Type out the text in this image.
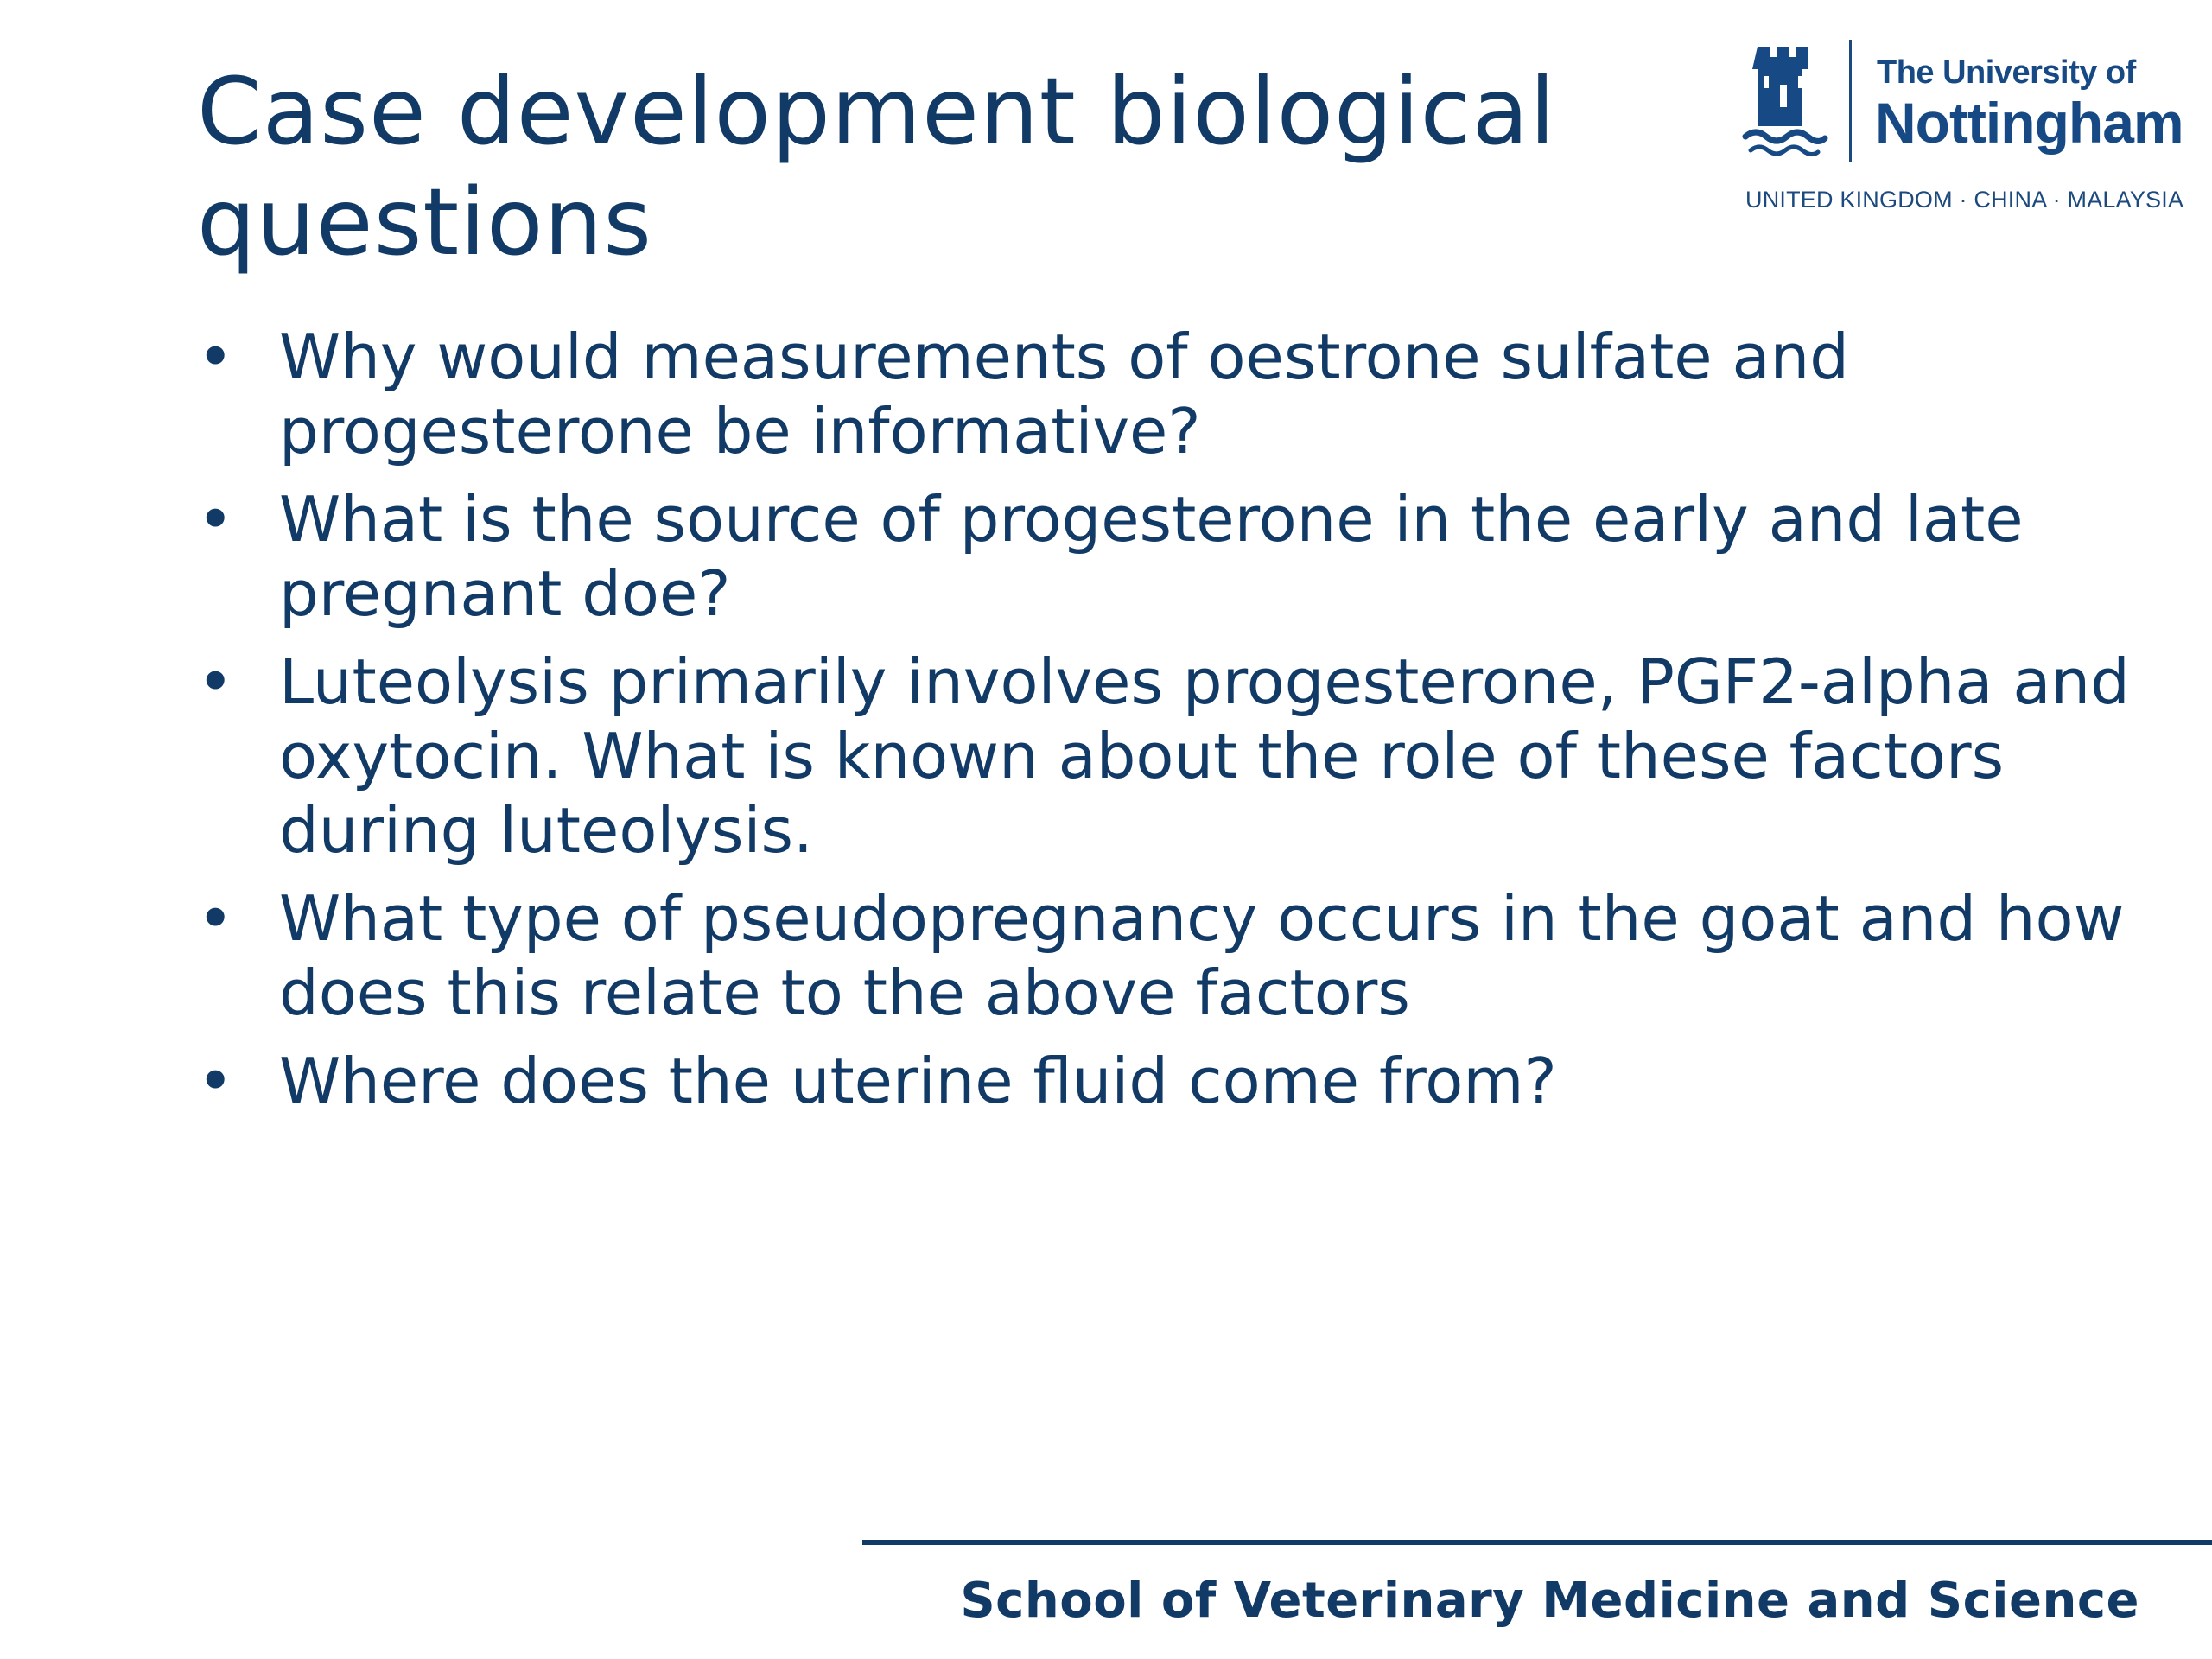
Case development biological
questions
The University of
Nottingham
UNITED KINGDOM · CHINA · MALAYSIA
• Why would measurements of oestrone sulfate and progesterone be informative?
• What is the source of progesterone in the early and late pregnant doe?
• Luteolysis primarily involves progesterone, PGF2-alpha and oxytocin. What is known about the role of these factors during luteolysis.
• What type of pseudopregnancy occurs in the goat and how does this relate to the above factors
• Where does the uterine fluid come from?
School of Veterinary Medicine and Science
